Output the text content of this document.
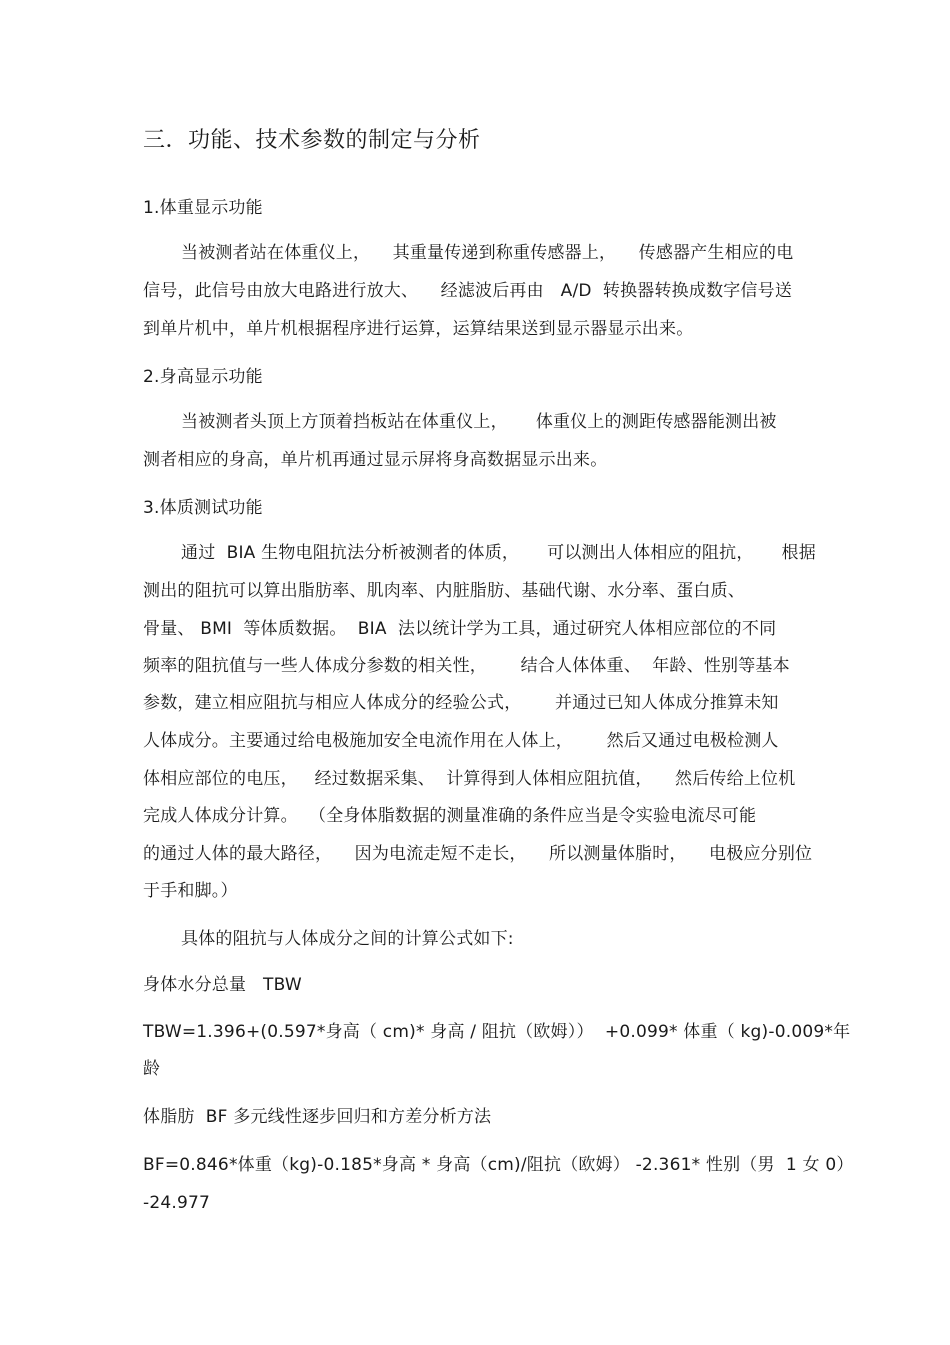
三．功能、技术参数的制定与分析
1.体重显示功能
当被测者站在体重仪上，    其重量传递到称重传感器上，    传感器产生相应的电
信号，此信号由放大电路进行放大、    经滤波后再由   A/D  转换器转换成数字信号送
到单片机中，单片机根据程序进行运算，运算结果送到显示器显示出来。
2.身高显示功能
当被测者头顶上方顶着挡板站在体重仪上，     体重仪上的测距传感器能测出被
测者相应的身高，单片机再通过显示屏将身高数据显示出来。
3.体质测试功能
通过  BIA 生物电阻抗法分析被测者的体质，     可以测出人体相应的阻抗，     根据
测出的阻抗可以算出脂肪率、肌肉率、内脏脂肪、基础代谢、水分率、蛋白质、
骨量、 BMI  等体质数据。  BIA  法以统计学为工具，通过研究人体相应部位的不同
频率的阻抗值与一些人体成分参数的相关性，      结合人体体重、  年龄、性别等基本
参数，建立相应阻抗与相应人体成分的经验公式，      并通过已知人体成分推算未知
人体成分。主要通过给电极施加安全电流作用在人体上，      然后又通过电极检测人
体相应部位的电压，   经过数据采集、  计算得到人体相应阻抗值，    然后传给上位机
完成人体成分计算。  （全身体脂数据的测量准确的条件应当是令实验电流尽可能
的通过人体的最大路径，    因为电流走短不走长，    所以测量体脂时，    电极应分别位
于手和脚。）
具体的阻抗与人体成分之间的计算公式如下:
身体水分总量   TBW
TBW=1.396+(0.597*身高（ cm)* 身高 / 阻抗（欧姆））  +0.099* 体重（ kg)-0.009*年
龄
体脂肪  BF 多元线性逐步回归和方差分析方法
BF=0.846*体重（kg)-0.185*身高 * 身高（cm)/阻抗（欧姆） -2.361* 性别（男  1 女 0）
-24.977
